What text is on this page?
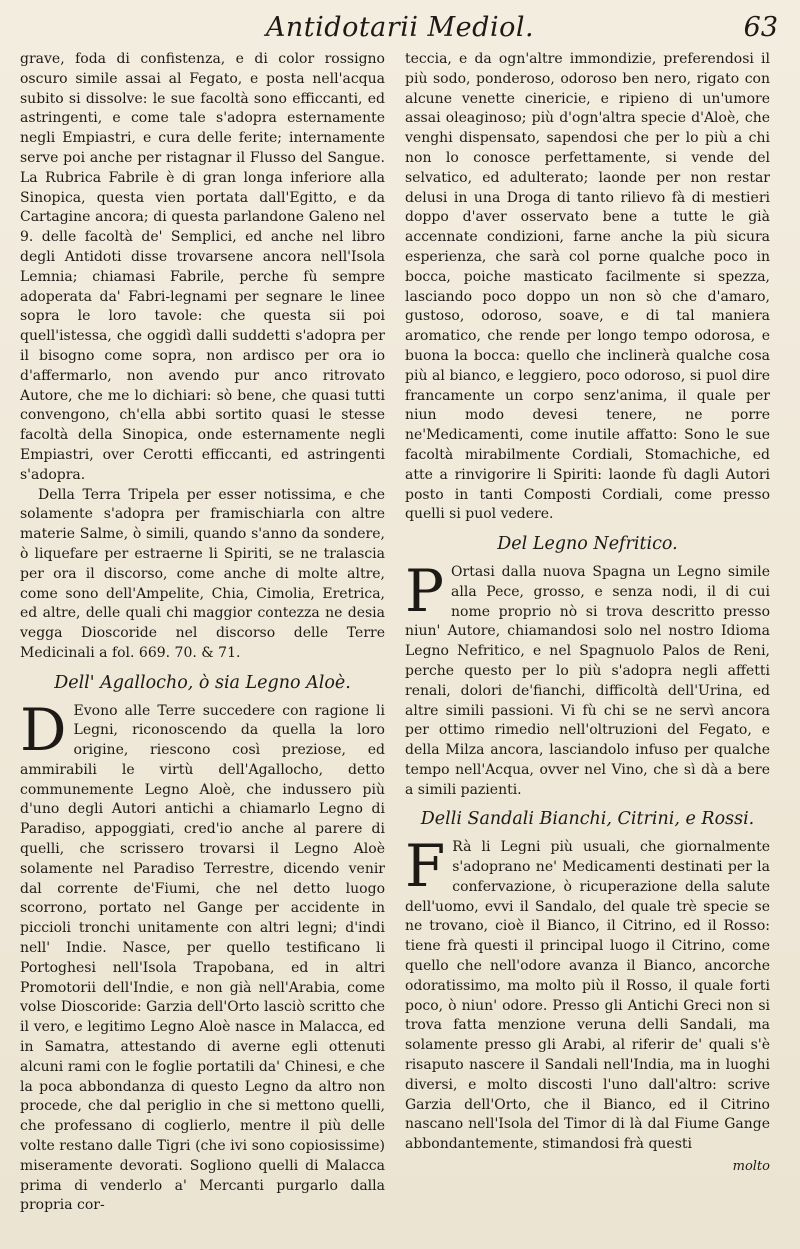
Antidotarii Mediol.	63

grave, foda di confistenza, e di color rossigno oscuro simile assai al Fegato, e posta nell'acqua subito si dissolve: le sue facoltà sono efficcanti, ed astringenti, e come tale s'adopra esternamente negli Empiastri, e cura delle ferite; internamente serve poi anche per ristagnar il Flusso del Sangue. La Rubrica Fabrile è di gran longa inferiore alla Sinopica, questa vien portata dall'Egitto, e da Cartagine ancora; di questa parlandone Galeno nel 9. delle facoltà de' Semplici, ed anche nel libro degli Antidoti disse trovarsene ancora nell'Isola Lemnia; chiamasi Fabrile, perche fù sempre adoperata da' Fabri-legnami per segnare le linee sopra le loro tavole: che questa sii poi quell'istessa, che oggidì dalli suddetti s'adopra per il bisogno come sopra, non ardisco per ora io d'affermarlo, non avendo pur anco ritrovato Autore, che me lo dichiari: sò bene, che quasi tutti convengono, ch'ella abbi sortito quasi le stesse facoltà della Sinopica, onde esternamente negli Empiastri, over Cerotti efficcanti, ed astringenti s'adopra.

Della Terra Tripela per esser notissima, e che solamente s'adopra per framischiarla con altre materie Salme, ò simili, quando s'anno da sondere, ò liquefare per estraerne li Spiriti, se ne tralascia per ora il discorso, come anche di molte altre, come sono dell'Ampelite, Chia, Cimolia, Eretrica, ed altre, delle quali chi maggior contezza ne desia vegga Dioscoride nel discorso delle Terre Medicinali a fol. 669. 70. & 71.

Dell' Agallocho, ò sia Legno Aloè.

D Evono alle Terre succedere con ragione li Legni, riconoscendo da quella la loro origine, riescono così preziose, ed ammirabili le virtù dell'Agallocho, detto communemente Legno Aloè, che indussero più d'uno degli Autori antichi a chiamarlo Legno di Paradiso, appoggiati, cred'io anche al parere di quelli, che scrissero trovarsi il Legno Aloè solamente nel Paradiso Terrestre, dicendo venir dal corrente de'Fiumi, che nel detto luogo scorrono, portato nel Gange per accidente in piccioli tronchi unitamente con altri legni; d'indi nell' Indie. Nasce, per quello testificano li Portoghesi nell'Isola Trapobana, ed in altri Promotorii dell'Indie, e non già nell'Arabia, come volse Dioscoride: Garzia dell'Orto lasciò scritto che il vero, e legitimo Legno Aloè nasce in Malacca, ed in Samatra, attestando di averne egli ottenuti alcuni rami con le foglie portatili da' Chinesi, e che la poca abbondanza di questo Legno da altro non procede, che dal periglio in che si mettono quelli, che professano di coglierlo, mentre il più delle volte restano dalle Tigri (che ivi sono copiosissime) miseramente devorati. Sogliono quelli di Malacca prima di venderlo a' Mercanti purgarlo dalla propria cor-

teccia, e da ogn'altre immondizie, preferendosi il più sodo, ponderoso, odoroso ben nero, rigato con alcune venette cinericie, e ripieno di un'umore assai oleaginoso; più d'ogn'altra specie d'Aloè, che venghi dispensato, sapendosi che per lo più a chi non lo conosce perfettamente, si vende del selvatico, ed adulterato; laonde per non restar delusi in una Droga di tanto rilievo fà di mestieri doppo d'aver osservato bene a tutte le già accennate condizioni, farne anche la più sicura esperienza, che sarà col porne qualche poco in bocca, poiche masticato facilmente si spezza, lasciando poco doppo un non sò che d'amaro, gustoso, odoroso, soave, e di tal maniera aromatico, che rende per longo tempo odorosa, e buona la bocca: quello che inclinerà qualche cosa più al bianco, e leggiero, poco odoroso, si puol dire francamente un corpo senz'anima, il quale per niun modo devesi tenere, ne porre ne'Medicamenti, come inutile affatto: Sono le sue facoltà mirabilmente Cordiali, Stomachiche, ed atte a rinvigorire li Spiriti: laonde fù dagli Autori posto in tanti Composti Cordiali, come presso quelli si puol vedere.

Del Legno Nefritico.

P Ortasi dalla nuova Spagna un Legno simile alla Pece, grosso, e senza nodi, il di cui nome proprio nò si trova descritto presso niun' Autore, chiamandosi solo nel nostro Idioma Legno Nefritico, e nel Spagnuolo Palos de Reni, perche questo per lo più s'adopra negli affetti renali, dolori de'fianchi, difficoltà dell'Urina, ed altre simili passioni. Vi fù chi se ne servì ancora per ottimo rimedio nell'oltruzioni del Fegato, e della Milza ancora, lasciandolo infuso per qualche tempo nell'Acqua, ovver nel Vino, che sì dà a bere a simili pazienti.

Delli Sandali Bianchi, Citrini, e Rossi.

F Rà li Legni più usuali, che giornalmente s'adoprano ne' Medicamenti destinati per la confervazione, ò ricuperazione della salute dell'uomo, evvi il Sandalo, del quale trè specie se ne trovano, cioè il Bianco, il Citrino, ed il Rosso: tiene frà questi il principal luogo il Citrino, come quello che nell'odore avanza il Bianco, ancorche odoratissimo, ma molto più il Rosso, il quale forti poco, ò niun' odore. Presso gli Antichi Greci non si trova fatta menzione veruna delli Sandali, ma solamente presso gli Arabi, al riferir de' quali s'è risaputo nascere il Sandali nell'India, ma in luoghi diversi, e molto discosti l'uno dall'altro: scrive Garzia dell'Orto, che il Bianco, ed il Citrino nascano nell'Isola del Timor di là dal Fiume Gange abbondantemente, stimandosi frà questi

molto
